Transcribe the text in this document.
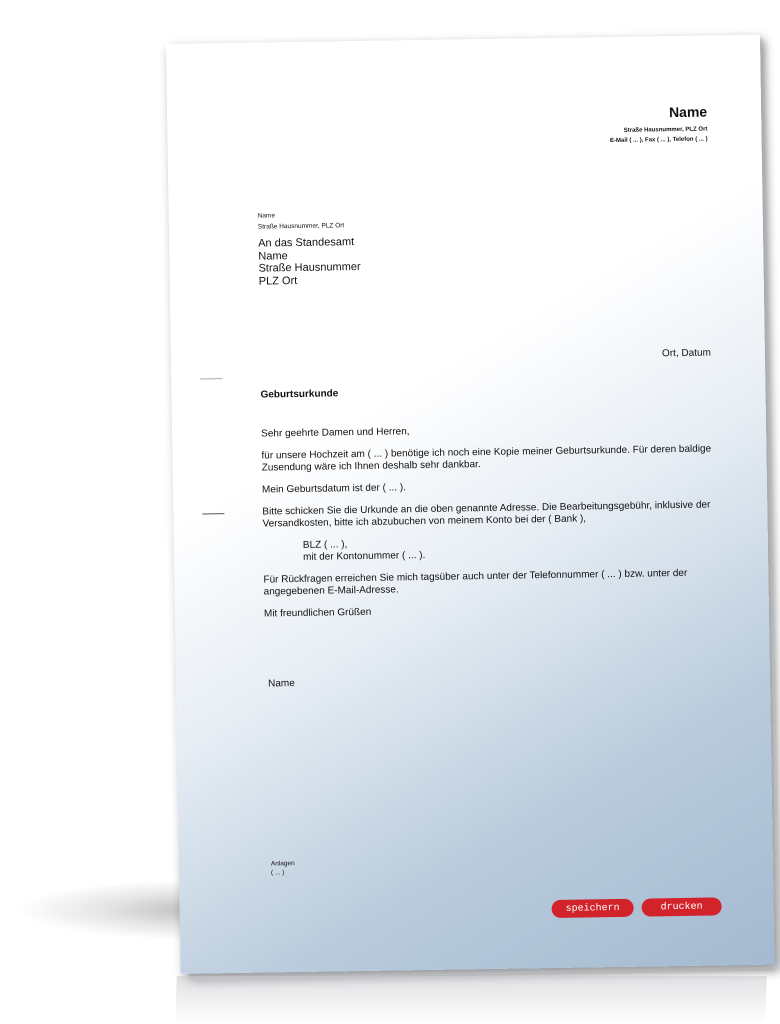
Name
Straße Hausnummer, PLZ Ort
E-Mail ( ... ), Fax ( ... ), Telefon ( ... )
Name
Straße Hausnummer, PLZ Ort
An das Standesamt
Name
Straße Hausnummer
PLZ Ort
Ort, Datum
Geburtsurkunde

Sehr geehrte Damen und Herren,

für unsere Hochzeit am ( ... ) benötige ich noch eine Kopie meiner Geburtsurkunde. Für deren baldige Zusendung wäre ich Ihnen deshalb sehr dankbar.

Mein Geburtsdatum ist der ( ... ).

Bitte schicken Sie die Urkunde an die oben genannte Adresse. Die Bearbeitungsgebühr, inklusive der Versandkosten, bitte ich abzubuchen von meinem Konto bei der ( Bank ),

BLZ ( ... ),
mit der Kontonummer ( ... ).

Für Rückfragen erreichen Sie mich tagsüber auch unter der Telefonnummer ( ... ) bzw. unter der angegebenen E-Mail-Adresse.

Mit freundlichen Grüßen

Name
Anlagen
( ... )
speichern	drucken
